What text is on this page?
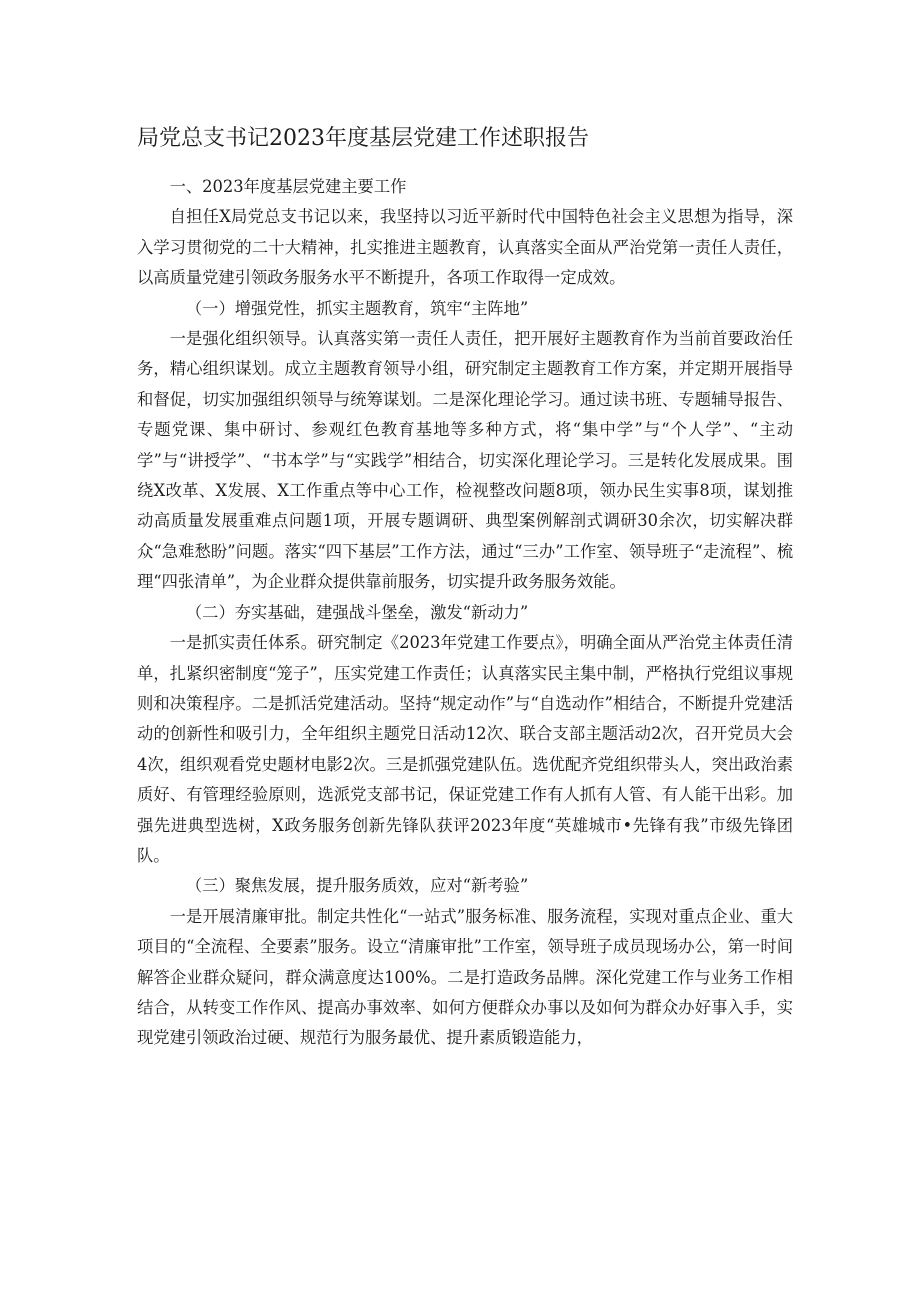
局党总支书记2023年度基层党建工作述职报告

一、2023年度基层党建主要工作

自担任X局党总支书记以来，我坚持以习近平新时代中国特色社会主义思想为指导，深入学习贯彻党的二十大精神，扎实推进主题教育，认真落实全面从严治党第一责任人责任，以高质量党建引领政务服务水平不断提升，各项工作取得一定成效。

（一）增强党性，抓实主题教育，筑牢“主阵地”

一是强化组织领导。认真落实第一责任人责任，把开展好主题教育作为当前首要政治任务，精心组织谋划。成立主题教育领导小组，研究制定主题教育工作方案，并定期开展指导和督促，切实加强组织领导与统筹谋划。二是深化理论学习。通过读书班、专题辅导报告、专题党课、集中研讨、参观红色教育基地等多种方式，将“集中学”与“个人学”、“主动学”与“讲授学”、“书本学”与“实践学”相结合，切实深化理论学习。三是转化发展成果。围绕X改革、X发展、X工作重点等中心工作，检视整改问题8项，领办民生实事8项，谋划推动高质量发展重难点问题1项，开展专题调研、典型案例解剖式调研30余次，切实解决群众“急难愁盼”问题。落实“四下基层”工作方法，通过“三办”工作室、领导班子“走流程”、梳理“四张清单”，为企业群众提供靠前服务，切实提升政务服务效能。

（二）夯实基础，建强战斗堡垒，激发“新动力”

一是抓实责任体系。研究制定《2023年党建工作要点》，明确全面从严治党主体责任清单，扎紧织密制度“笼子”，压实党建工作责任；认真落实民主集中制，严格执行党组议事规则和决策程序。二是抓活党建活动。坚持“规定动作”与“自选动作”相结合，不断提升党建活动的创新性和吸引力，全年组织主题党日活动12次、联合支部主题活动2次，召开党员大会4次，组织观看党史题材电影2次。三是抓强党建队伍。选优配齐党组织带头人，突出政治素质好、有管理经验原则，选派党支部书记，保证党建工作有人抓有人管、有人能干出彩。加强先进典型选树，X政务服务创新先锋队获评2023年度“英雄城市•先锋有我”市级先锋团队。

（三）聚焦发展，提升服务质效，应对“新考验”

一是开展清廉审批。制定共性化“一站式”服务标准、服务流程，实现对重点企业、重大项目的“全流程、全要素”服务。设立“清廉审批”工作室，领导班子成员现场办公，第一时间解答企业群众疑问，群众满意度达100%。二是打造政务品牌。深化党建工作与业务工作相结合，从转变工作作风、提高办事效率、如何方便群众办事以及如何为群众办好事入手，实现党建引领政治过硬、规范行为服务最优、提升素质锻造能力，
